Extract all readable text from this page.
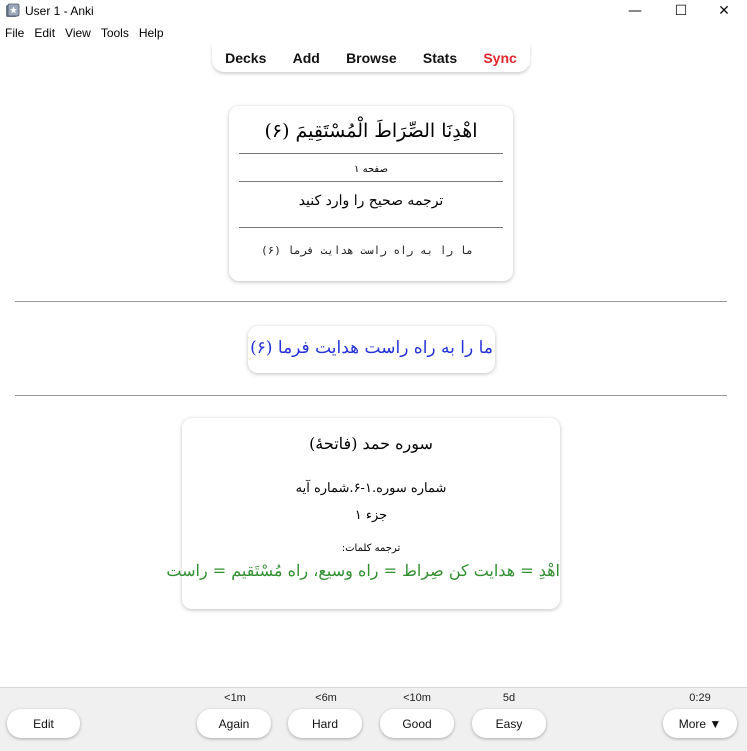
User 1 - Anki	—	☐	✕
File Edit View Tools Help
Decks Add Browse Stats Sync
اهْدِنَا الصِّرَاطَ الْمُسْتَقِيمَ (۶)
صفحه ۱
ترجمه صحیح را وارد کنید
ما را به راه راست هدایت فرما (۶)
ما را به راه راست هدایت فرما (۶)
سوره حمد (فاتحهٔ)
شماره سوره.۱-۶.شماره آیه
جزء ۱
ترجمه کلمات:
اهْدِ = هدایت کن صِراط = راه وسیع، راه مُسْتَقیم = راست
Edit
<1m	<6m	<10m	5d	0:29
Again	Hard	Good	Easy	More ▼
